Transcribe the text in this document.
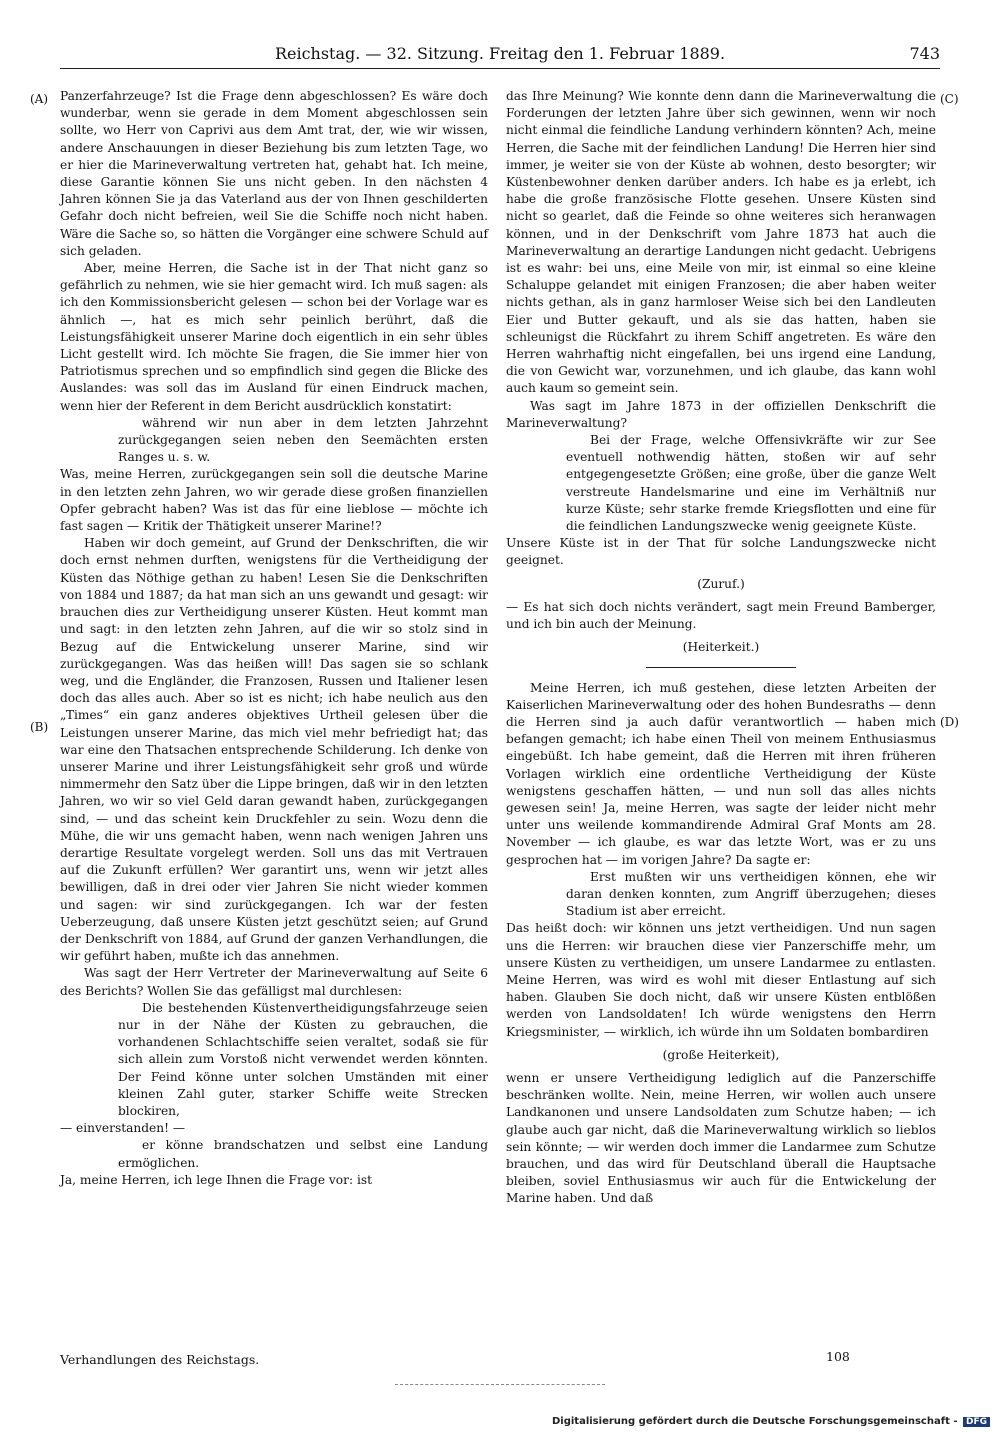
Reichstag. — 32. Sitzung. Freitag den 1. Februar 1889.	743
(A)
(B)
(C)
(D)

Panzerfahrzeuge? Ist die Frage denn abgeschlossen? Es wäre doch wunderbar, wenn sie gerade in dem Moment abgeschlossen sein sollte, wo Herr von Caprivi aus dem Amt trat, der, wie wir wissen, andere Anschauungen in dieser Beziehung bis zum letzten Tage, wo er hier die Marineverwaltung vertreten hat, gehabt hat. Ich meine, diese Garantie können Sie uns nicht geben. In den nächsten 4 Jahren können Sie ja das Vaterland aus der von Ihnen geschilderten Gefahr doch nicht befreien, weil Sie die Schiffe noch nicht haben. Wäre die Sache so, so hätten die Vorgänger eine schwere Schuld auf sich geladen.

Aber, meine Herren, die Sache ist in der That nicht ganz so gefährlich zu nehmen, wie sie hier gemacht wird. Ich muß sagen: als ich den Kommissionsbericht gelesen — schon bei der Vorlage war es ähnlich —, hat es mich sehr peinlich berührt, daß die Leistungsfähigkeit unserer Marine doch eigentlich in ein sehr übles Licht gestellt wird. Ich möchte Sie fragen, die Sie immer hier von Patriotismus sprechen und so empfindlich sind gegen die Blicke des Auslandes: was soll das im Ausland für einen Eindruck machen, wenn hier der Referent in dem Bericht ausdrücklich konstatirt:

während wir nun aber in dem letzten Jahrzehnt zurückgegangen seien neben den Seemächten ersten Ranges u. s. w.

Was, meine Herren, zurückgegangen sein soll die deutsche Marine in den letzten zehn Jahren, wo wir gerade diese großen finanziellen Opfer gebracht haben? Was ist das für eine lieblose — möchte ich fast sagen — Kritik der Thätigkeit unserer Marine!?

Haben wir doch gemeint, auf Grund der Denkschriften, die wir doch ernst nehmen durften, wenigstens für die Vertheidigung der Küsten das Nöthige gethan zu haben! Lesen Sie die Denkschriften von 1884 und 1887; da hat man sich an uns gewandt und gesagt: wir brauchen dies zur Vertheidigung unserer Küsten. Heut kommt man und sagt: in den letzten zehn Jahren, auf die wir so stolz sind in Bezug auf die Entwickelung unserer Marine, sind wir zurückgegangen. Was das heißen will! Das sagen sie so schlank weg, und die Engländer, die Franzosen, Russen und Italiener lesen doch das alles auch. Aber so ist es nicht; ich habe neulich aus den „Times“ ein ganz anderes objektives Urtheil gelesen über die Leistungen unserer Marine, das mich viel mehr befriedigt hat; das war eine den Thatsachen entsprechende Schilderung. Ich denke von unserer Marine und ihrer Leistungsfähigkeit sehr groß und würde nimmermehr den Satz über die Lippe bringen, daß wir in den letzten Jahren, wo wir so viel Geld daran gewandt haben, zurückgegangen sind, — und das scheint kein Druckfehler zu sein. Wozu denn die Mühe, die wir uns gemacht haben, wenn nach wenigen Jahren uns derartige Resultate vorgelegt werden. Soll uns das mit Vertrauen auf die Zukunft erfüllen? Wer garantirt uns, wenn wir jetzt alles bewilligen, daß in drei oder vier Jahren Sie nicht wieder kommen und sagen: wir sind zurückgegangen. Ich war der festen Ueberzeugung, daß unsere Küsten jetzt geschützt seien; auf Grund der Denkschrift von 1884, auf Grund der ganzen Verhandlungen, die wir geführt haben, mußte ich das annehmen.

Was sagt der Herr Vertreter der Marineverwaltung auf Seite 6 des Berichts? Wollen Sie das gefälligst mal durchlesen:

Die bestehenden Küstenvertheidigungsfahrzeuge seien nur in der Nähe der Küsten zu gebrauchen, die vorhandenen Schlachtschiffe seien veraltet, sodaß sie für sich allein zum Vorstoß nicht verwendet werden könnten. Der Feind könne unter solchen Umständen mit einer kleinen Zahl guter, starker Schiffe weite Strecken blockiren,

— einverstanden! —

er könne brandschatzen und selbst eine Landung ermöglichen.

Ja, meine Herren, ich lege Ihnen die Frage vor: ist

das Ihre Meinung? Wie konnte denn dann die Marineverwaltung die Forderungen der letzten Jahre über sich gewinnen, wenn wir noch nicht einmal die feindliche Landung verhindern könnten? Ach, meine Herren, die Sache mit der feindlichen Landung! Die Herren hier sind immer, je weiter sie von der Küste ab wohnen, desto besorgter; wir Küstenbewohner denken darüber anders. Ich habe es ja erlebt, ich habe die große französische Flotte gesehen. Unsere Küsten sind nicht so gearlet, daß die Feinde so ohne weiteres sich heranwagen können, und in der Denkschrift vom Jahre 1873 hat auch die Marineverwaltung an derartige Landungen nicht gedacht. Uebrigens ist es wahr: bei uns, eine Meile von mir, ist einmal so eine kleine Schaluppe gelandet mit einigen Franzosen; die aber haben weiter nichts gethan, als in ganz harmloser Weise sich bei den Landleuten Eier und Butter gekauft, und als sie das hatten, haben sie schleunigst die Rückfahrt zu ihrem Schiff angetreten. Es wäre den Herren wahrhaftig nicht eingefallen, bei uns irgend eine Landung, die von Gewicht war, vorzunehmen, und ich glaube, das kann wohl auch kaum so gemeint sein.

Was sagt im Jahre 1873 in der offiziellen Denkschrift die Marineverwaltung?

Bei der Frage, welche Offensivkräfte wir zur See eventuell nothwendig hätten, stoßen wir auf sehr entgegengesetzte Größen; eine große, über die ganze Welt verstreute Handelsmarine und eine im Verhältniß nur kurze Küste; sehr starke fremde Kriegsflotten und eine für die feindlichen Landungszwecke wenig geeignete Küste.

Unsere Küste ist in der That für solche Landungszwecke nicht geeignet.

(Zuruf.)

— Es hat sich doch nichts verändert, sagt mein Freund Bamberger, und ich bin auch der Meinung.

(Heiterkeit.)

Meine Herren, ich muß gestehen, diese letzten Arbeiten der Kaiserlichen Marineverwaltung oder des hohen Bundesraths — denn die Herren sind ja auch dafür verantwortlich — haben mich befangen gemacht; ich habe einen Theil von meinem Enthusiasmus eingebüßt. Ich habe gemeint, daß die Herren mit ihren früheren Vorlagen wirklich eine ordentliche Vertheidigung der Küste wenigstens geschaffen hätten, — und nun soll das alles nichts gewesen sein! Ja, meine Herren, was sagte der leider nicht mehr unter uns weilende kommandirende Admiral Graf Monts am 28. November — ich glaube, es war das letzte Wort, was er zu uns gesprochen hat — im vorigen Jahre? Da sagte er:

Erst mußten wir uns vertheidigen können, ehe wir daran denken konnten, zum Angriff überzugehen; dieses Stadium ist aber erreicht.

Das heißt doch: wir können uns jetzt vertheidigen. Und nun sagen uns die Herren: wir brauchen diese vier Panzerschiffe mehr, um unsere Küsten zu vertheidigen, um unsere Landarmee zu entlasten. Meine Herren, was wird es wohl mit dieser Entlastung auf sich haben. Glauben Sie doch nicht, daß wir unsere Küsten entblößen werden von Landsoldaten! Ich würde wenigstens den Herrn Kriegsminister, — wirklich, ich würde ihn um Soldaten bombardiren

(große Heiterkeit),

wenn er unsere Vertheidigung lediglich auf die Panzerschiffe beschränken wollte. Nein, meine Herren, wir wollen auch unsere Landkanonen und unsere Landsoldaten zum Schutze haben; — ich glaube auch gar nicht, daß die Marineverwaltung wirklich so lieblos sein könnte; — wir werden doch immer die Landarmee zum Schutze brauchen, und das wird für Deutschland überall die Hauptsache bleiben, soviel Enthusiasmus wir auch für die Entwickelung der Marine haben. Und daß

Verhandlungen des Reichstags.	108
Digitalisierung gefördert durch die Deutsche Forschungsgemeinschaft - DFG
